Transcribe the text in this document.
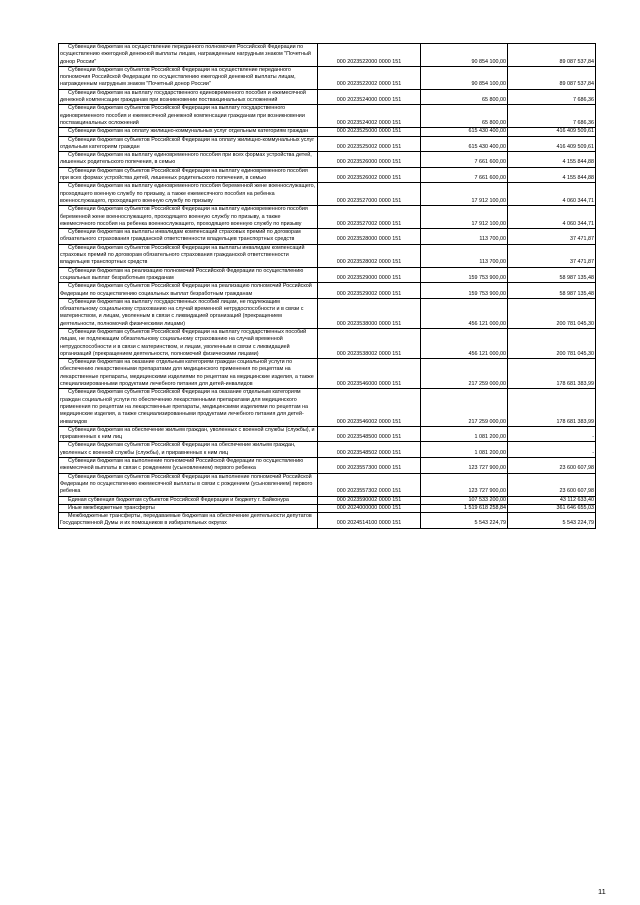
Субвенции бюджетам на осуществление переданного полномочия Российской Федерации по осуществлению ежегодной денежной выплаты лицам, награжденным нагрудным знаком "Почетный донор России"	000 2023522000 0000 151	90 854 100,00	89 087 537,84
Субвенции бюджетам субъектов Российской Федерации на осуществление переданного полномочия Российской Федерации по осуществлению ежегодной денежной выплаты лицам, награжденным нагрудным знаком "Почетный донор России"	000 2023522002 0000 151	90 854 100,00	89 087 537,84
Субвенции бюджетам на выплату государственного единовременного пособия и ежемесячной денежной компенсации гражданам при возникновении поствакцинальных осложнений	000 2023524000 0000 151	65 800,00	7 686,36
Субвенции бюджетам субъектов Российской Федерации на выплату государственного единовременного пособия и ежемесячной денежной компенсации гражданам при возникновении поствакцинальных осложнений	000 2023524002 0000 151	65 800,00	7 686,36
Субвенции бюджетам на оплату жилищно-коммунальных услуг отдельным категориям граждан	000 2023525000 0000 151	615 430 400,00	416 409 509,61
Субвенции бюджетам субъектов Российской Федерации на оплату жилищно-коммунальных услуг отдельным категориям граждан	000 2023525002 0000 151	615 430 400,00	416 409 509,61
Субвенции бюджетам на выплату единовременного пособия при всех формах устройства детей, лишенных родительского попечения, в семью	000 2023526000 0000 151	7 661 600,00	4 155 844,88
Субвенции бюджетам субъектов Российской Федерации на выплату единовременного пособия при всех формах устройства детей, лишенных родительского попечения, в семью	000 2023526002 0000 151	7 661 600,00	4 155 844,88
Субвенции бюджетам на выплату единовременного пособия беременной жене военнослужащего, проходящего военную службу по призыву, а также ежемесячного пособия на ребенка военнослужащего, проходящего военную службу по призыву	000 2023527000 0000 151	17 912 100,00	4 060 344,71
Субвенции бюджетам субъектов Российской Федерации на выплату единовременного пособия беременной жене военнослужащего, проходящего военную службу по призыву, а также ежемесячного пособия на ребенка военнослужащего, проходящего военную службу по призыву	000 2023527002 0000 151	17 912 100,00	4 060 344,71
Субвенции бюджетам на выплаты инвалидам компенсаций страховых премий по договорам обязательного страхования гражданской ответственности владельцев транспортных средств	000 2023528000 0000 151	113 700,00	37 471,87
Субвенции бюджетам субъектов Российской Федерации на выплаты инвалидам компенсаций страховых премий по договорам обязательного страхования гражданской ответственности владельцев транспортных средств	000 2023528002 0000 151	113 700,00	37 471,87
Субвенции бюджетам на реализацию полномочий Российской Федерации по осуществлению социальных выплат безработным гражданам	000 2023529000 0000 151	159 753 900,00	58 987 135,48
Субвенции бюджетам субъектов Российской Федерации на реализацию полномочий Российской Федерации по осуществлению социальных выплат безработным гражданам	000 2023529002 0000 151	159 753 900,00	58 987 135,48
Субвенции бюджетам на выплату государственных пособий лицам, не подлежащим обязательному социальному страхованию на случай временной нетрудоспособности и в связи с материнством, и лицам, уволенным в связи с ликвидацией организаций (прекращением деятельности, полномочий физическими лицами)	000 2023538000 0000 151	456 121 000,00	200 781 045,30
Субвенции бюджетам субъектов Российской Федерации на выплату государственных пособий лицам, не подлежащим обязательному социальному страхованию на случай временной нетрудоспособности и в связи с материнством, и лицам, уволенным в связи с ликвидацией организаций (прекращением деятельности, полномочий физическими лицами)	000 2023538002 0000 151	456 121 000,00	200 781 045,30
Субвенции бюджетам на оказание отдельным категориям граждан социальной услуги по обеспечению лекарственными препаратами для медицинского применения по рецептам на лекарственные препараты, медицинскими изделиями по рецептам на медицинские изделия, а также специализированными продуктами лечебного питания для детей-инвалидов	000 2023546000 0000 151	217 259 000,00	178 681 383,99
Субвенции бюджетам субъектов Российской Федерации на оказание отдельным категориям граждан социальной услуги по обеспечению лекарственными препаратами для медицинского применения по рецептам на лекарственные препараты, медицинскими изделиями по рецептам на медицинские изделия, а также специализированными продуктами лечебного питания для детей-инвалидов	000 2023546002 0000 151	217 259 000,00	178 681 383,99
Субвенции бюджетам на обеспечение жильем граждан, уволенных с военной службы (службы), и приравненных к ним лиц	000 2023548500 0000 151	1 081 200,00	-
Субвенции бюджетам субъектов Российской Федерации на обеспечение жильем граждан, уволенных с военной службы (службы), и приравненных к ним лиц	000 2023548502 0000 151	1 081 200,00	-
Субвенции бюджетам на выполнение полномочий Российской Федерации по осуществлению ежемесячной выплаты в связи с рождением (усыновлением) первого ребенка	000 2023557300 0000 151	123 727 900,00	23 600 607,98
Субвенции бюджетам субъектов Российской Федерации на выполнение полномочий Российской Федерации по осуществлению ежемесячной выплаты в связи с рождением (усыновлением) первого ребенка	000 2023557302 0000 151	123 727 900,00	23 600 607,98
Единая субвенция бюджетам субъектов Российской Федерации и бюджету г. Байконура	000 2023590002 0000 151	107 533 200,00	43 112 633,40
Иные межбюджетные трансферты	000 2024000000 0000 151	1 519 618 258,84	361 646 655,03
Межбюджетные трансферты, передаваемые бюджетам на обеспечение деятельности депутатов Государственной Думы и их помощников в избирательных округах	000 2024514100 0000 151	5 543 224,79	5 543 224,79
11
